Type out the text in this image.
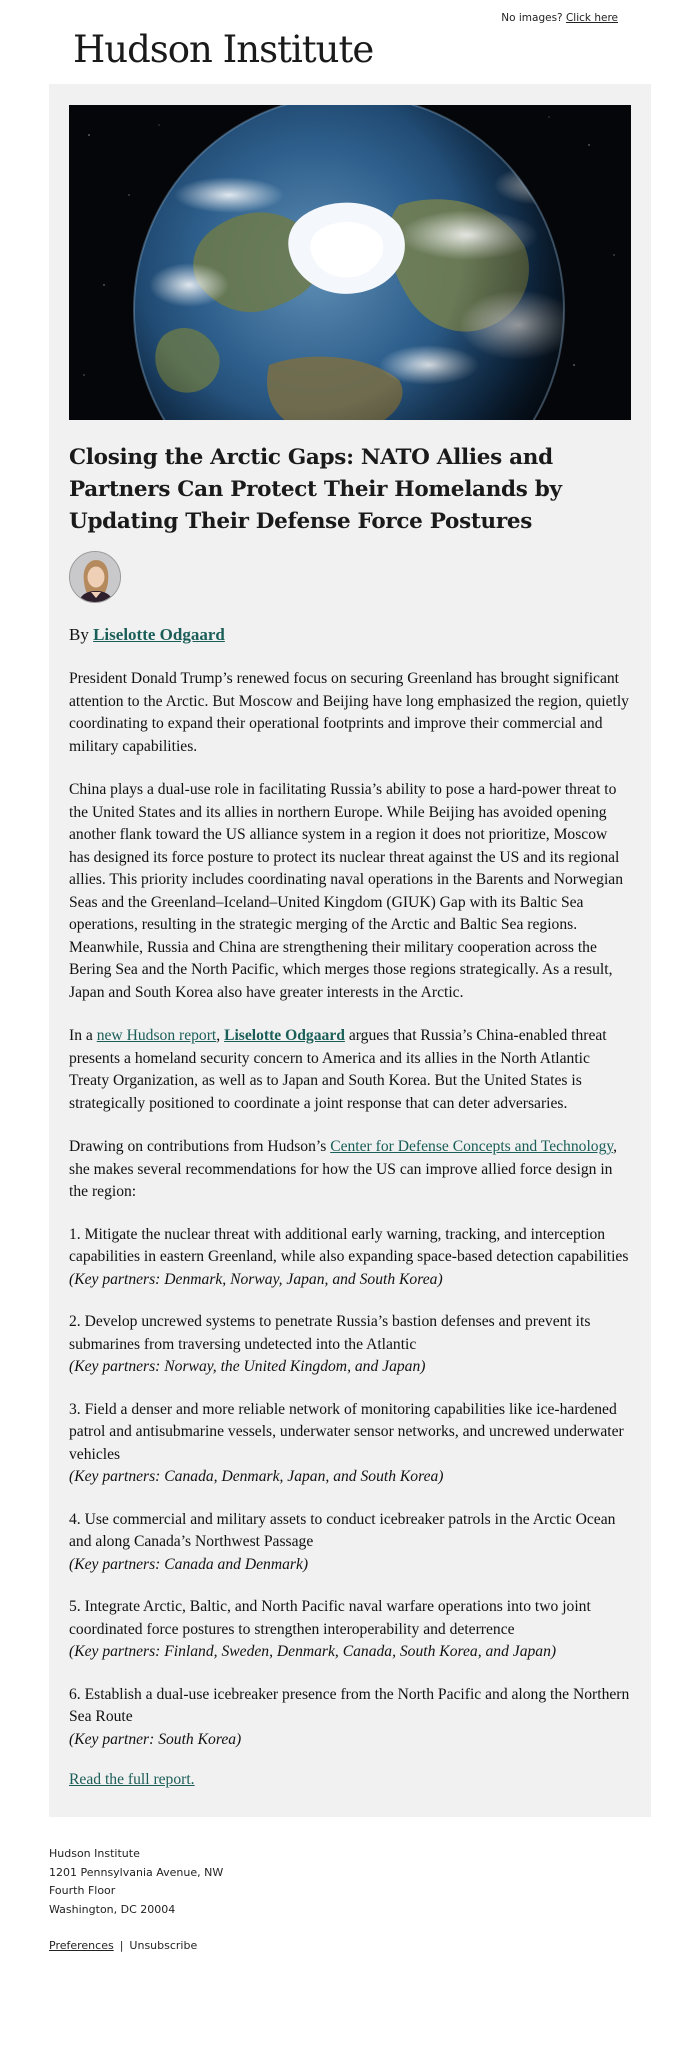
No images? Click here
Hudson Institute
Closing the Arctic Gaps: NATO Allies and Partners Can Protect Their Homelands by Updating Their Defense Force Postures
By Liselotte Odgaard

President Donald Trump’s renewed focus on securing Greenland has brought significant attention to the Arctic. But Moscow and Beijing have long emphasized the region, quietly coordinating to expand their operational footprints and improve their commercial and military capabilities.

China plays a dual-use role in facilitating Russia’s ability to pose a hard-power threat to the United States and its allies in northern Europe. While Beijing has avoided opening another flank toward the US alliance system in a region it does not prioritize, Moscow has designed its force posture to protect its nuclear threat against the US and its regional allies. This priority includes coordinating naval operations in the Barents and Norwegian Seas and the Greenland–Iceland–United Kingdom (GIUK) Gap with its Baltic Sea operations, resulting in the strategic merging of the Arctic and Baltic Sea regions. Meanwhile, Russia and China are strengthening their military cooperation across the Bering Sea and the North Pacific, which merges those regions strategically. As a result, Japan and South Korea also have greater interests in the Arctic.

In a new Hudson report, Liselotte Odgaard argues that Russia’s China-enabled threat presents a homeland security concern to America and its allies in the North Atlantic Treaty Organization, as well as to Japan and South Korea. But the United States is strategically positioned to coordinate a joint response that can deter adversaries.

Drawing on contributions from Hudson’s Center for Defense Concepts and Technology, she makes several recommendations for how the US can improve allied force design in the region:

1. Mitigate the nuclear threat with additional early warning, tracking, and interception capabilities in eastern Greenland, while also expanding space-based detection capabilities
(Key partners: Denmark, Norway, Japan, and South Korea)
2. Develop uncrewed systems to penetrate Russia’s bastion defenses and prevent its submarines from traversing undetected into the Atlantic
(Key partners: Norway, the United Kingdom, and Japan)
3. Field a denser and more reliable network of monitoring capabilities like ice-hardened patrol and antisubmarine vessels, underwater sensor networks, and uncrewed underwater vehicles
(Key partners: Canada, Denmark, Japan, and South Korea)
4. Use commercial and military assets to conduct icebreaker patrols in the Arctic Ocean and along Canada’s Northwest Passage
(Key partners: Canada and Denmark)
5. Integrate Arctic, Baltic, and North Pacific naval warfare operations into two joint coordinated force postures to strengthen interoperability and deterrence
(Key partners: Finland, Sweden, Denmark, Canada, South Korea, and Japan)
6. Establish a dual-use icebreaker presence from the North Pacific and along the Northern Sea Route
(Key partner: South Korea)
Read the full report.
Hudson Institute
1201 Pennsylvania Avenue, NW
Fourth Floor
Washington, DC 20004
Preferences | Unsubscribe
